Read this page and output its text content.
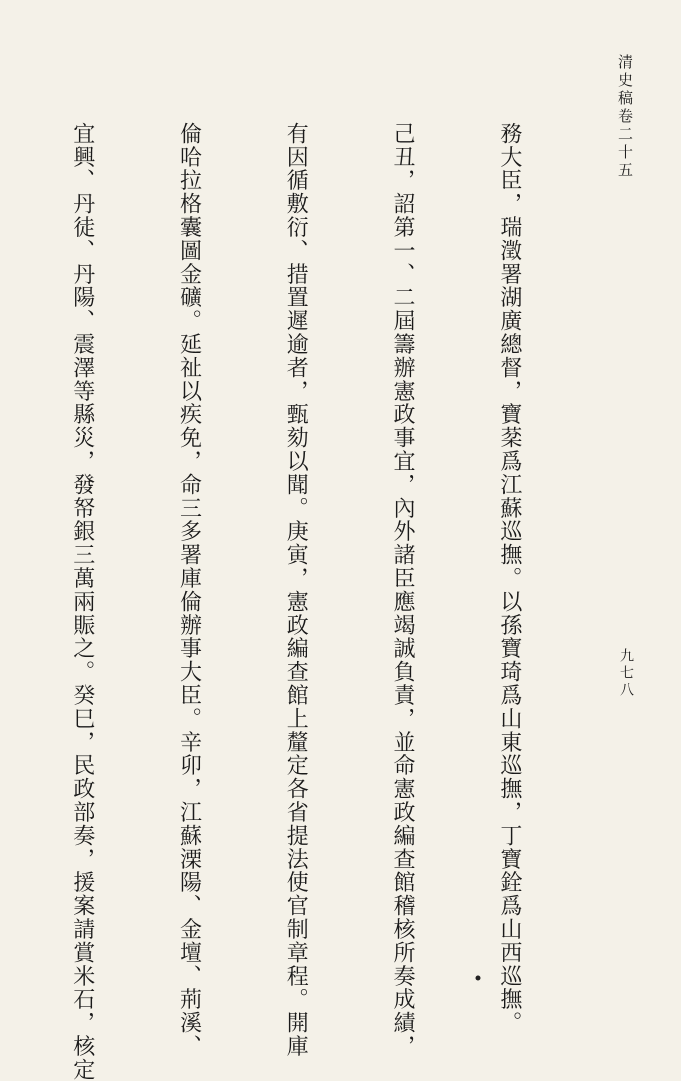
清史稿卷二十五

務大臣，瑞澂署湖廣總督，寶棻爲江蘇巡撫。以孫寶琦爲山東巡撫，丁寶銓爲山西巡撫。

己丑，詔第一、二屆籌辦憲政事宜，內外諸臣應竭誠負責，並命憲政編查館稽核所奏成績，

有因循敷衍、措置遲逾者，甄劾以聞。庚寅，憲政編查館上釐定各省提法使官制章程。開庫

倫哈拉格囊圖金礦。延祉以疾免，命三多署庫倫辦事大臣。辛卯，江蘇溧陽、金壇、荊溪、

宜興、丹徒、丹陽、震澤等縣災，發帑銀三萬兩賑之。癸巳，民政部奏，援案請賞米石，核定

	九七八
